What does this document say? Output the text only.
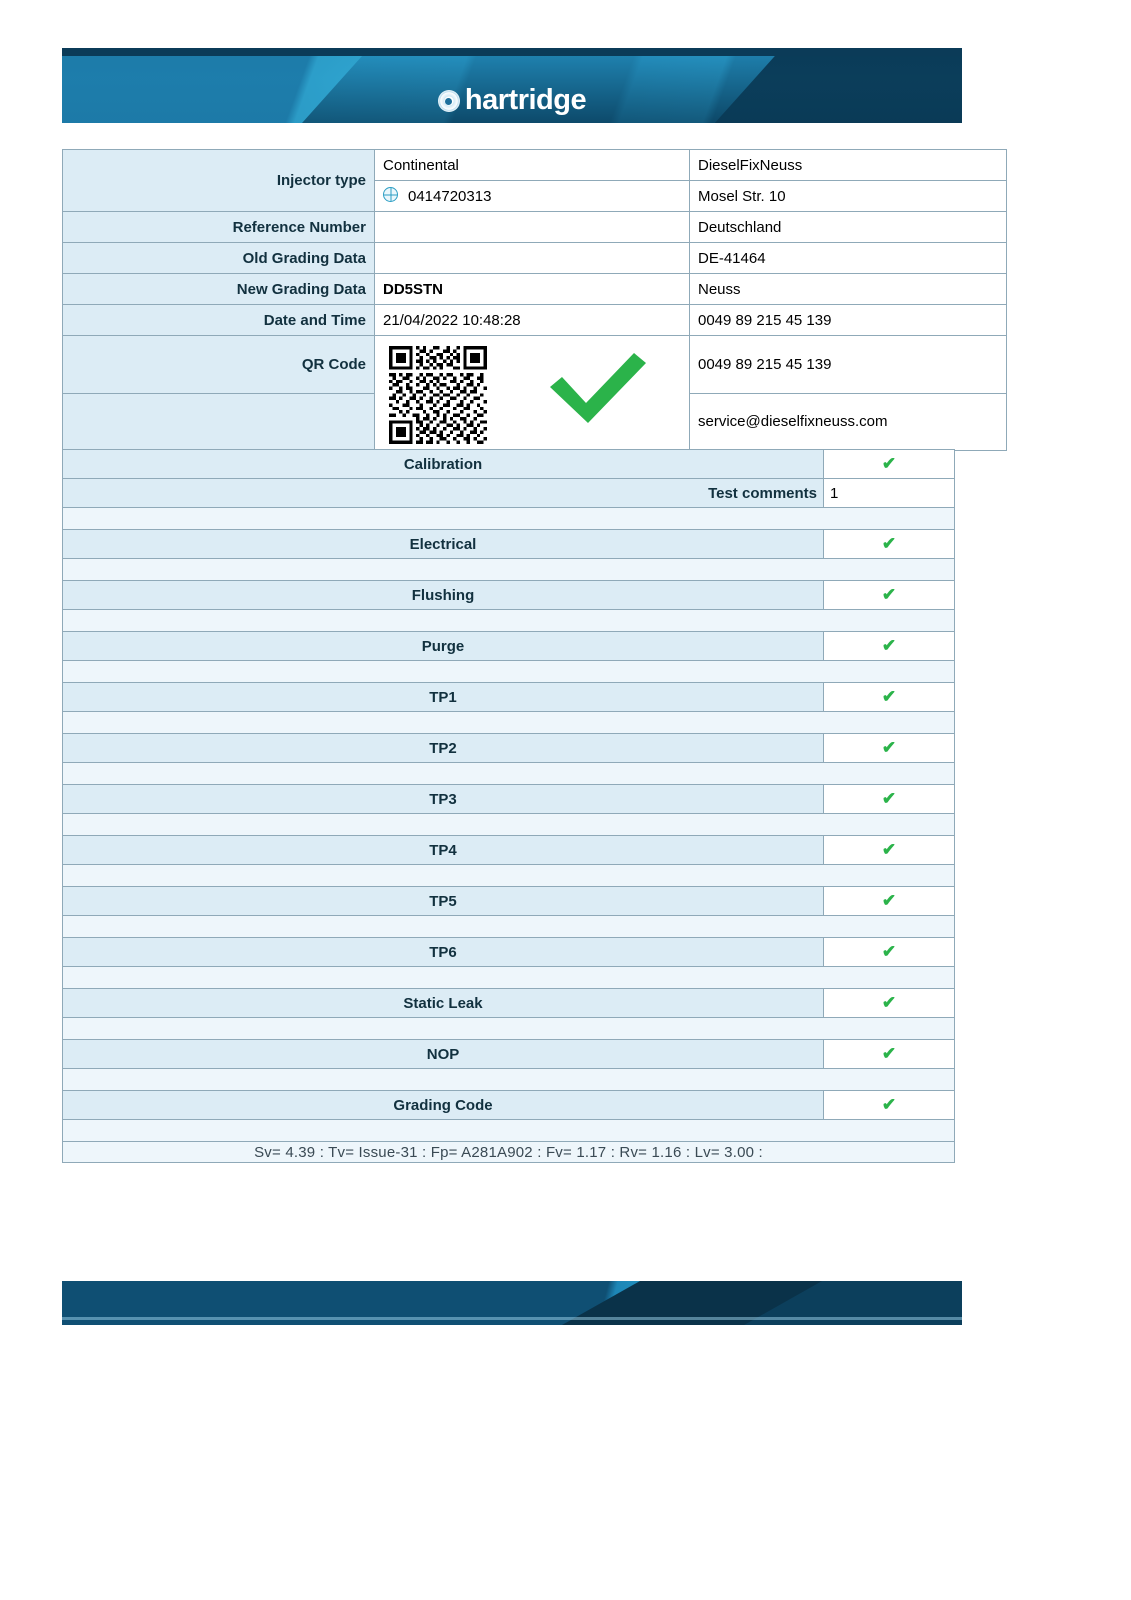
hartridge
Injector type	Continental	DieselFixNeuss
	0414720313	Mosel Str. 10
Reference Number		Deutschland
Old Grading Data		DE-41464
New Grading Data	DD5STN	Neuss
Date and Time	21/04/2022 10:48:28	0049 89 215 45 139
QR Code		0049 89 215 45 139
		service@dieselfixneuss.com
Calibration	✔
Test comments	1

Electrical	✔

Flushing	✔

Purge	✔

TP1	✔

TP2	✔

TP3	✔

TP4	✔

TP5	✔

TP6	✔

Static Leak	✔

NOP	✔

Grading Code	✔

Sv= 4.39 : Tv= Issue-31 : Fp= A281A902 : Fv= 1.17 : Rv= 1.16 : Lv= 3.00 :	
